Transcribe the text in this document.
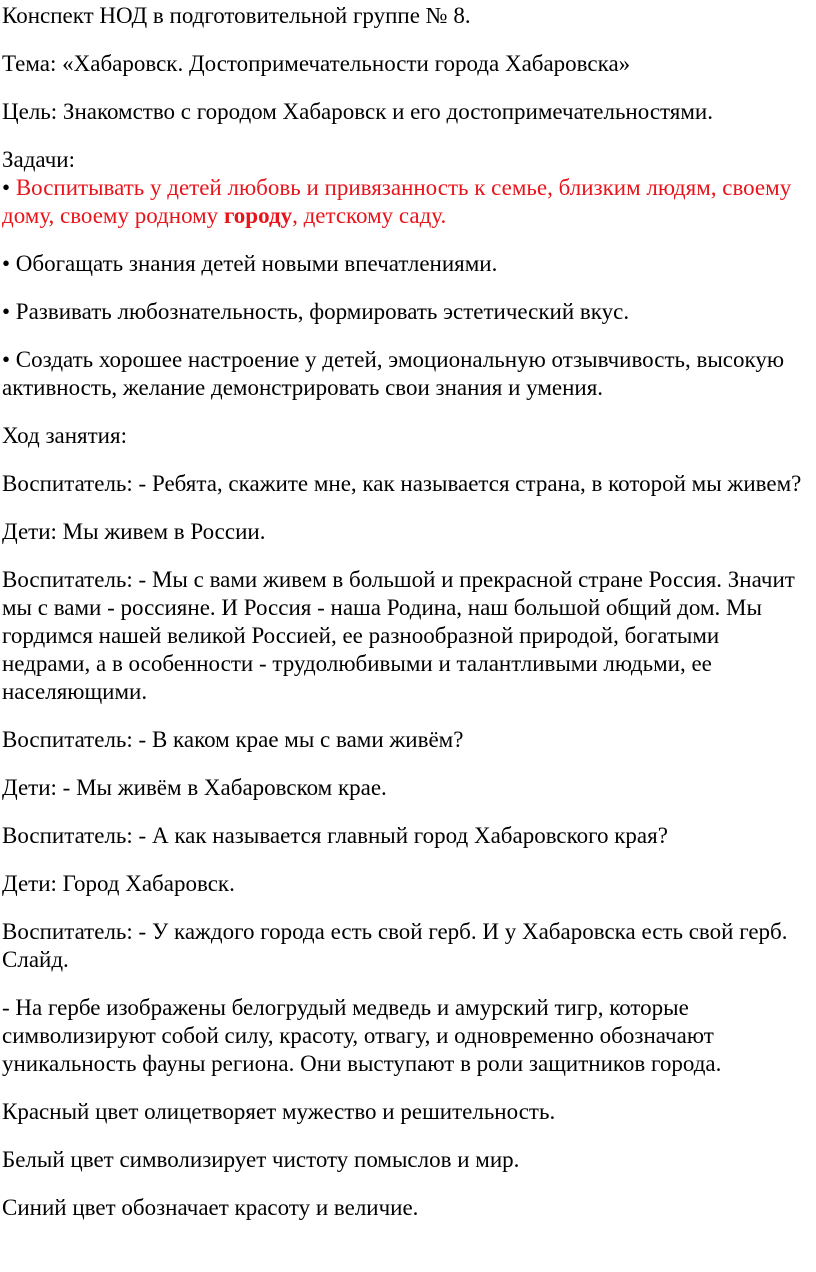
Конспект НОД в подготовительной группе № 8.

Тема: «Хабаровск. Достопримечательности города Хабаровска»

Цель: Знакомство с городом Хабаровск и его достопримечательностями.

Задачи:

• Воспитывать у детей любовь и привязанность к семье, близким людям, своему дому, своему родному городу, детскому саду.

• Обогащать знания детей новыми впечатлениями.

• Развивать любознательность, формировать эстетический вкус.

• Создать хорошее настроение у детей, эмоциональную отзывчивость, высокую активность, желание демонстрировать свои знания и умения.

Ход занятия:

Воспитатель: - Ребята, скажите мне, как называется страна, в которой мы живем?

Дети: Мы живем в России.

Воспитатель: - Мы с вами живем в большой и прекрасной стране Россия. Значит мы с вами - россияне. И Россия - наша Родина, наш большой общий дом. Мы гордимся нашей великой Россией, ее разнообразной природой, богатыми недрами, а в особенности - трудолюбивыми и талантливыми людьми, ее населяющими.

Воспитатель: - В каком крае мы с вами живём?

Дети: - Мы живём в Хабаровском крае.

Воспитатель: - А как называется главный город Хабаровского края?

Дети: Город Хабаровск.

Воспитатель: - У каждого города есть свой герб. И у Хабаровска есть свой герб. Слайд.

- На гербе изображены белогрудый медведь и амурский тигр, которые символизируют собой силу, красоту, отвагу, и одновременно обозначают уникальность фауны региона. Они выступают в роли защитников города.

Красный цвет олицетворяет мужество и решительность.

Белый цвет символизирует чистоту помыслов и мир.

Синий цвет обозначает красоту и величие.
